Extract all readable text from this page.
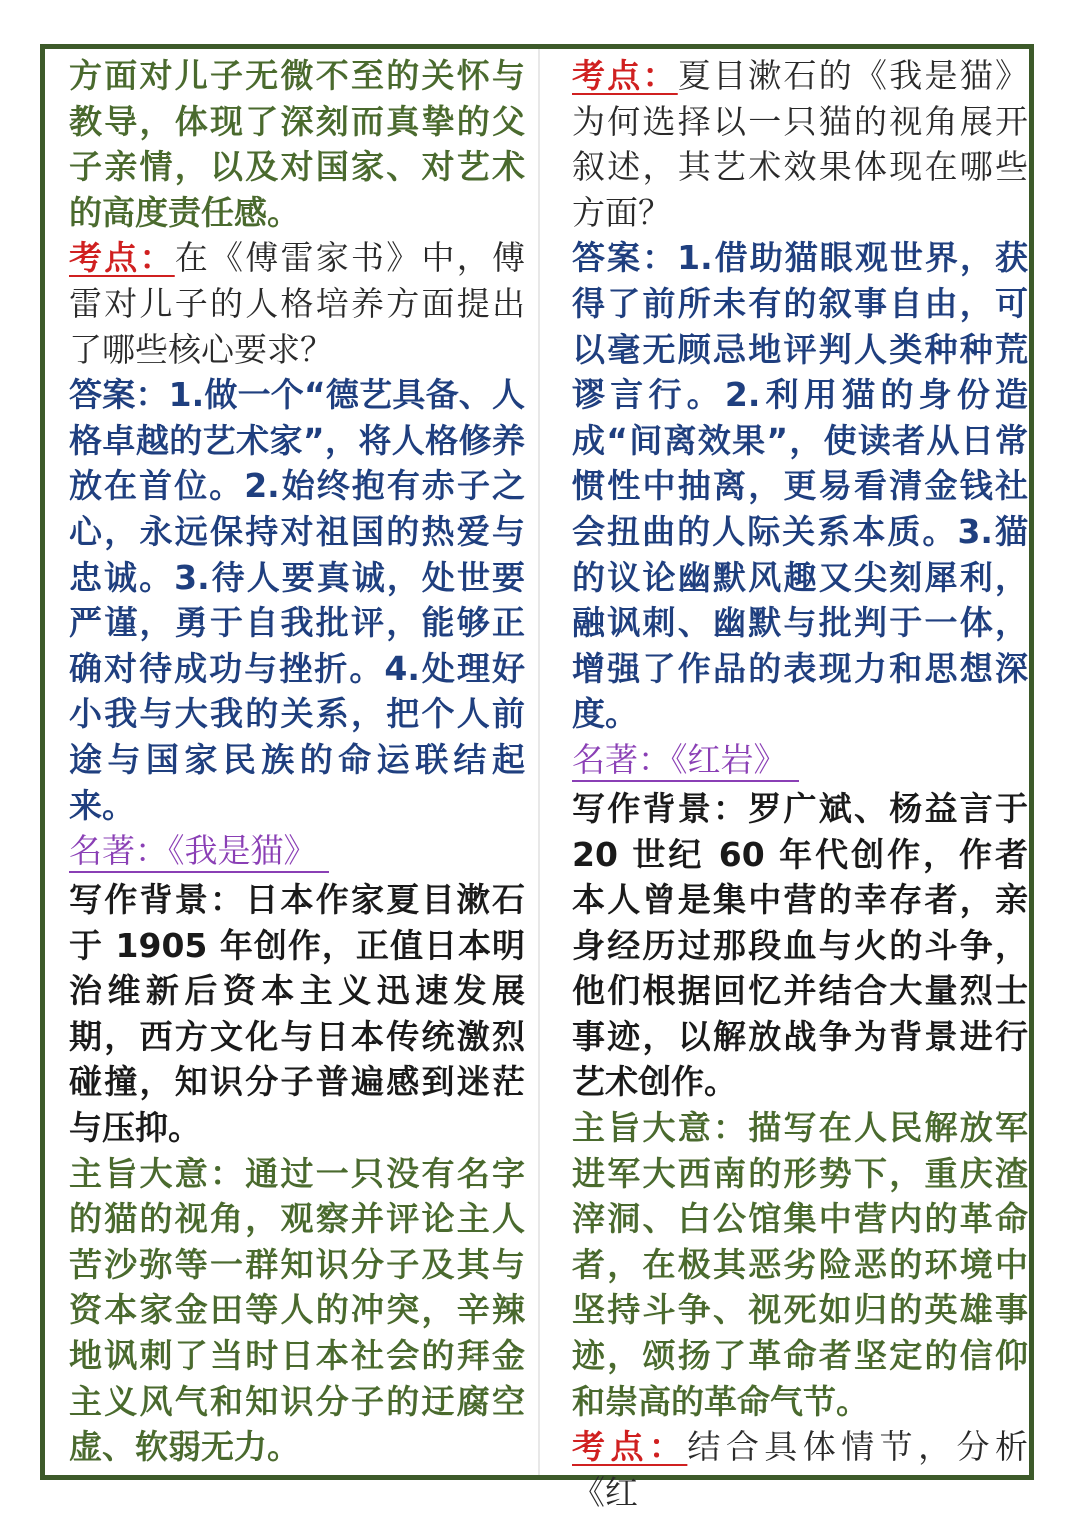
方面对儿子无微不至的关怀与教导，体现了深刻而真挚的父子亲情，以及对国家、对艺术的高度责任感。

考点：在《傅雷家书》中，傅雷对儿子的人格培养方面提出了哪些核心要求？

答案：1.做一个“德艺具备、人格卓越的艺术家”，将人格修养放在首位。2.始终抱有赤子之心，永远保持对祖国的热爱与忠诚。3.待人要真诚，处世要严谨，勇于自我批评，能够正确对待成功与挫折。4.处理好小我与大我的关系，把个人前途与国家民族的命运联结起来。

名著：《我是猫》

写作背景：日本作家夏目漱石于 1905 年创作，正值日本明治维新后资本主义迅速发展期，西方文化与日本传统激烈碰撞，知识分子普遍感到迷茫与压抑。

主旨大意：通过一只没有名字的猫的视角，观察并评论主人苦沙弥等一群知识分子及其与资本家金田等人的冲突，辛辣地讽刺了当时日本社会的拜金主义风气和知识分子的迂腐空虚、软弱无力。

考点：夏目漱石的《我是猫》为何选择以一只猫的视角展开叙述，其艺术效果体现在哪些方面？

答案：1.借助猫眼观世界，获得了前所未有的叙事自由，可以毫无顾忌地评判人类种种荒谬言行。2.利用猫的身份造成“间离效果”，使读者从日常惯性中抽离，更易看清金钱社会扭曲的人际关系本质。3.猫的议论幽默风趣又尖刻犀利，融讽刺、幽默与批判于一体，增强了作品的表现力和思想深度。

名著：《红岩》

写作背景：罗广斌、杨益言于 20 世纪 60 年代创作，作者本人曾是集中营的幸存者，亲身经历过那段血与火的斗争，他们根据回忆并结合大量烈士事迹，以解放战争为背景进行艺术创作。

主旨大意：描写在人民解放军进军大西南的形势下，重庆渣滓洞、白公馆集中营内的革命者，在极其恶劣险恶的环境中坚持斗争、视死如归的英雄事迹，颂扬了革命者坚定的信仰和崇高的革命气节。

考点：结合具体情节，分析《红
